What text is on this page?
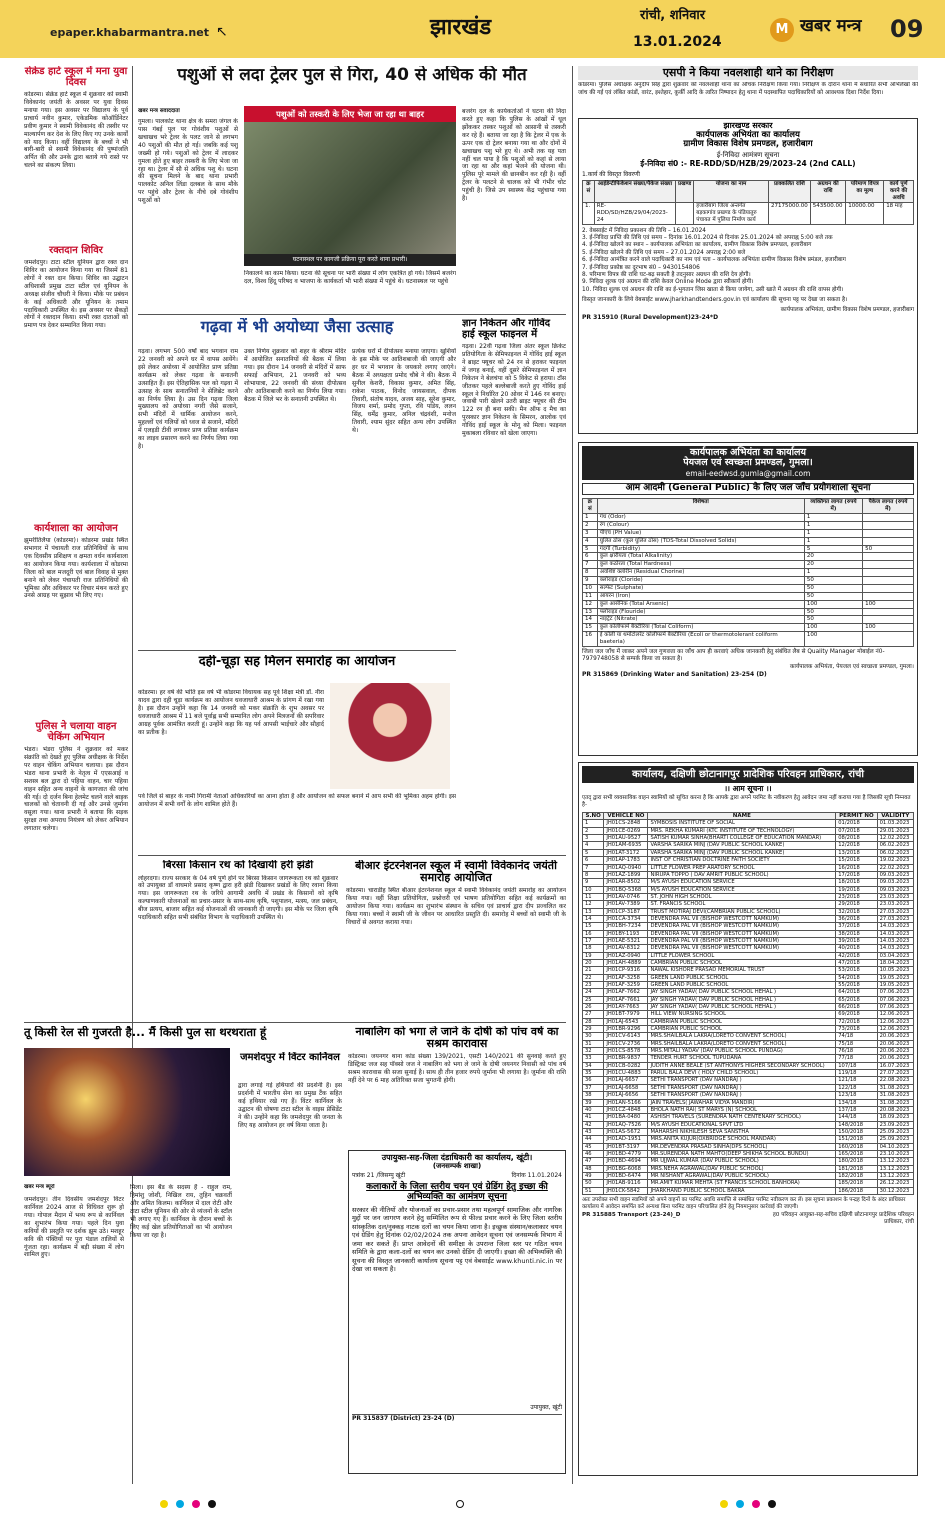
epaper.khabarmantra.net ↖	झारखंड	रांची, शनिवार
13.01.2024
M खबर मन्त्र 09
सेक्रेड हार्ट स्कूल में मना युवा दिवस
कोडरमा। सेक्रेड हार्ट स्कूल में शुक्रवार को स्वामी विवेकानंद जयंती के अवसर पर युवा दिवस मनाया गया। इस अवसर पर विद्यालय के पूर्व प्राचार्य नवीन कुमार, एकेडमिक कोऑर्डिनेटर प्रवीण कुमार ने स्वामी विवेकानंद की तस्वीर पर माल्यार्पण कर देश के लिए किए गए उनके कार्यों को याद किया। वहीं विद्यालय के बच्चों ने भी बारी-बारी से स्वामी विवेकानंद की पुष्पांजलि अर्पित की और उनके द्वारा बताये गये रास्ते पर चलने का संकल्प लिया।
रक्तदान शिविर
जमशेदपुर। टाटा स्टील यूनियन द्वारा रक्त दान शिविर का आयोजन किया गया था जिसमें 81 लोगों ने रक्त दान किया। शिविर का उद्घाटन अधिशासी प्रमुख टाटा स्टील एवं यूनियन के अध्यक्ष संजीव चौधरी ने किया। मौके पर प्रबंधन के कई अधिकारी और यूनियन के तमाम पदाधिकारी उपस्थित थे। इस अवसर पर सैकड़ों लोगों ने रक्तदान किया। सभी रक्त दाताओं को प्रमाण पत्र देकर सम्मानित किया गया।
कार्यशाला का आयोजन
झुमरीतिलैया (कोडरमा)। कोडरमा प्रखंड स्थित सभागार में पंचायती राज प्रतिनिधियों के साथ एक दिवसीय प्रशिक्षण व क्षमता वर्धन कार्यशाला का आयोजन किया गया। कार्यशाला में कोडरमा जिला को बाल मजदूरी एवं बाल विवाह से मुक्त बनाने को लेकर पंचायती राज प्रतिनिधियों की भूमिका और अधिकार पर विचार मंथन करते हुए उनसे आग्रह पर सुझाव भी लिए गए।
पुलिस ने चलाया वाहन चेकिंग अभियान
भंडरा। भंडरा पुलिस ने शुक्रवार को मकर संक्रांति को देखते हुए पुलिस अधीक्षक के निर्देश पर वाहन चेकिंग अभियान चलाया। इस दौरान भंडरा थाना प्रभारी के नेतृत्व में एएसआई व सशस्त्र बल द्वारा दो पहिया वाहन, चार पहिया वाहन सहित अन्य वाहनों के कागजात की जांच की गई। दो दर्जन बिना हेलमेट चलने वाले बाइक चालकों को चेतावनी दी गई और उनसे जुर्माना वसूला गया। थाना प्रभारी ने बताया कि सड़क सुरक्षा तथा अपराध नियंत्रण को लेकर अभियान लगातार चलेगा।
पशुओं से लदा ट्रेलर पुल से गिरा, 40 से अधिक की मौत
खबर मन्त्र संवाददाता
गुमला। पालकोट थाना क्षेत्र के समरा जंगल के पास गंबई पुल पर गोवंशीय पशुओं से खचाखच भरे ट्रेलर के पलट जाने से लगभग 40 पशुओं की मौत हो गई। जबकि कई पशु जख्मी हो गये। पशुओं को ट्रेलर में लादकर गुमला होते हुए बाहर तस्करी के लिए भेजा जा रहा था। ट्रेलर में सौ से अधिक पशु थे। घटना की सूचना मिलने के बाद थाना प्रभारी पालकोट अनिल लिंडा दलबल के साथ मौके पर पहुंचे और ट्रेलर के नीचे दबे गोवंशीय पशुओं को
पशुओं को तस्करी के लिए भेजा जा रहा था बाहर
घटनास्थल पर कागजी प्रक्रिया पूरा करते थाना प्रभारी।
निकालने का काम किया। घटना की सूचना पर भारी संख्या में लोग एकत्रित हो गये। जिसमें बजरंग दल, विश्व हिंदू परिषद व भाजपा के कार्यकर्ता भी भारी संख्या में पहुंचे थे। घटनास्थल पर पहुंचे
बजरंग दल के कार्यकर्ताओं ने घटना की निंदा करते हुए कहा कि पुलिस के आंखों में धूल झोंककर तस्कर पशुओं को आसानी से तस्करी कर रहे हैं। बताया जा रहा है कि ट्रेलर में एक के ऊपर एक दो ट्रेलर बनाया गया था और दोनों में खचाखच पशु भरे हुए थे। अभी तक यह पता नहीं चल पाया है कि पशुओं को कहां से लाया जा रहा था और कहां भेजने की योजना थी। पुलिस पूरे मामले की छानबीन कर रही है। वहीं ट्रेलर के पलटने से चालक को भी गंभीर चोट पहुंची है। जिसे उप स्वास्थ्य केंद्र पहुंचाया गया है।
गढ़वा में भी अयोध्या जैसा उत्साह
गढ़वा। लगभग 500 वर्षों बाद भगवान राम 22 जनवरी को अपने घर में वापस आयेंगे। इसे लेकर अयोध्या में आयोजित प्राण प्रतिष्ठा कार्यक्रम को लेकर गढ़वा के सनातनी उत्साहित हैं। इस ऐतिहासिक पल को गढ़वा में उत्साह के साथ सनातनियों ने सेलिब्रेट करने का निर्णय लिया है। उस दिन गढ़वा जिला मुख्यालय को अयोध्या नगरी जैसे सजाने, सभी मंदिरों में धार्मिक आयोजन करने, मुहल्लों एवं गलियों को ध्वज से सजाने, मंदिरों में एलइडी टीवी लगाकर प्राण प्रतिष्ठा कार्यक्रम का लाइव प्रसारण करने का निर्णय लिया गया है।
उक्त निर्णय शुक्रवार को शहर के श्रीराम मंदिर में आयोजित सनातनियों की बैठक में लिया गया। इस दौरान 14 जनवरी से मंदिरों में साफ सफाई अभियान, 21 जनवरी को भव्य शोभायात्रा, 22 जनवरी की संध्या दीपोत्सव और आतिशबाजी करने का निर्णय लिया गया। बैठक में जिले भर के सनातनी उपस्थित थे।
प्रत्येक घरों में दीपोत्सव मनाया जाएगा। खुशियों के इस मौके पर आतिशबाजी की जाएगी और हर घर में भगवान के जयकारे लगाए जाएंगे। बैठक में अध्यक्षता प्रमोद चौबे ने की। बैठक में सुनील केशरी, विकास कुमार, अमित सिंह, राकेश पाठक, विनोद जायसवाल, दीपक तिवारी, संतोष यादव, अजय साह, सुरेश कुमार, विजय शर्मा, प्रमोद गुप्ता, रवि पांडेय, ललन सिंह, धर्मेंद्र कुमार, अनिल चंद्रवंशी, मनोज तिवारी, श्याम सुंदर सहित अन्य लोग उपस्थित थे।
ज्ञान निकेतन और गोविंद हाई स्कूल फाइनल में
गढ़वा। 22वीं गढ़वा जिला अंतर स्कूल क्रिकेट प्रतियोगिता के सेमिफाइनल में गोविंद हाई स्कूल ने ब्राइट फ्यूचर को 24 रन से हराकर फाइनल में जगह बनाई, वहीं दूसरे सेमिफाइनल में ज्ञान निकेतन ने बेलचंपा को 5 विकेट से हराया। टॉस जीतकर पहले बल्लेबाजी करते हुए गोविंद हाई स्कूल ने निर्धारित 20 ओवर में 146 रन बनाए। जवाबी पारी खेलने उतरी ब्राइट फ्यूचर की टीम 122 रन ही बना सकी। मैन ऑफ द मैच का पुरस्कार ज्ञान निकेतन के सिमरन, आलोक एवं गोविंद हाई स्कूल के मोनू को मिला। फाइनल मुकाबला रविवार को खेला जाएगा।
दही-चूड़ा सह मिलन समारोह का आयोजन
कोडरमा। हर वर्ष की भांति इस वर्ष भी कोडरमा विधायक सह पूर्व शिक्षा मंत्री डॉ. नीरा यादव द्वारा दही चूड़ा कार्यक्रम का आयोजन धवजाधारी आश्रम के प्रांगण में रखा गया है। इस दौरान उन्होंने कहा कि 14 जनवरी को मकर संक्रांति के शुभ अवसर पर धवजाधारी आश्रम में 11 बजे पूर्वाह्न सभी सम्मानित लोग अपने मित्रजनों की सपरिवार आग्रह पूर्वक आमंत्रित करती हूं। उन्होंने कहा कि यह पर्व आपसी भाईचारे और सौहार्द का प्रतीक है।
पर्व जिले से बाहर के नामी गिरामी नेताओं अधिकारियों का आना होता है और आयोजन को सफल बनाने में आप सभी की भूमिका अहम होगी। इस आयोजन में सभी वर्गों के लोग शामिल होते हैं।
बिरसा किसान रथ को दिखायी हरी झंडी
लोहरदगा। राज्य सरकार के 04 वर्ष पूर्ण होने पर बिरसा किसान जागरूकता रथ को शुक्रवार को उपायुक्त डॉ वाघमारे प्रसाद कृष्ण द्वारा हरी झंडी दिखाकर प्रखंडों के लिए रवाना किया गया। इस जागरूकता रथ के जरिये आगामी अवधि में प्रखंड के किसानों को कृषि कल्याणकारी योजनाओं का प्रचार-प्रसार के साथ-साथ कृषि, पशुपालन, मत्स्य, जल प्रबंधन, बीज प्रत्यय, बाजार सहित कई योजनाओं की जानकारी दी जाएगी। इस मौके पर जिला कृषि पदाधिकारी सहित सभी संबंधित विभाग के पदाधिकारी उपस्थित थे।
बीआर इंटरनेशनल स्कूल में स्वामी विवेकानंद जयंती समारोह आयोजित
कोडरमा। चाराडीह स्थित बीआर इंटरनेशनल स्कूल में स्वामी विवेकानंद जयंती समारोह का आयोजन किया गया। वहीं शिक्षा प्रतियोगिता, प्रश्नोत्तरी एवं भाषण प्रतियोगिता सहित कई कार्यक्रमों का आयोजन किया गया। कार्यक्रम का शुभारंभ संस्थान के सचिव एवं प्राचार्य द्वारा दीप प्रज्वलित कर किया गया। बच्चों ने स्वामी जी के जीवन पर आधारित प्रस्तुति दी। समारोह में बच्चों को स्वामी जी के विचारों से अवगत कराया गया।
तू किसी रेल सी गुजरती है... मैं किसी पुल सा थरथराता हूं
जमशेदपुर में विंटर कार्निवल
द्वारा लगाई गई हथियारों की प्रदर्शनी है। इस प्रदर्शनी में भारतीय सेना का प्रमुख टैंक सहित कई हथियार रखे गए हैं। विंटर कार्निवल के उद्घाटन की घोषणा टाटा स्टील के वाइस प्रेसिडेंट ने की। उन्होंने कहा कि जमशेदपुर की जनता के लिए यह आयोजन हर वर्ष किया जाता है।
खबर मन्त्र ब्यूरो
जमशेदपुर। तीन दिवसीय जमशेदपुर विंटर कार्निवल 2024 आज से विधिवत शुरू हो गया। गोपाल मैदान में भव्य रूप से कार्निवल का शुभारंभ किया गया। पहले दिन युवा कवियों की प्रस्तुति पर दर्शक झूम उठे। मशहूर कवि की पंक्तियों पर पूरा पंडाल तालियों से गूंजता रहा। कार्यक्रम में बड़ी संख्या में लोग शामिल हुए।
मिला। इस बैंड के सदस्य हैं - राहुल राम, हिमांशु जोशी, निखिल राय, तुहिन चक्रवर्ती और अमित किलम। कार्निवल में दाल रोटी और टाटा स्टील यूनियन की ओर से व्यंजनों के स्टॉल भी लगाए गए हैं। कार्निवल के दौरान बच्चों के लिए कई खेल प्रतियोगिताओं का भी आयोजन किया जा रहा है।
नाबालिग को भगा ले जाने के दोषी को पांच वर्ष का सश्रम कारावास
कोडरमा। जयनगर थाना कांड संख्या 139/2021, एसटी 140/2021 की सुनवाई करते हुए डिस्ट्रिक्ट जज सह पॉक्सो जज ने नाबालिग को भगा ले जाने के दोषी जयनगर निवासी को पांच वर्ष सश्रम कारावास की सजा सुनाई है। साथ ही तीन हजार रुपये जुर्माना भी लगाया है। जुर्माना की राशि नहीं देने पर 6 माह अतिरिक्त सजा भुगतनी होगी।
उपायुक्त-सह-जिला दंडाधिकारी का कार्यालय, खूंटी।
(जनसम्पर्क शाखा)
पत्रांक 21 /जिसम्पु खूंटी	दिनांक 11.01.2024
कलाकारों के जिला स्तरीय चयन एवं ग्रेडिंग हेतु इच्छा की अभिव्यक्ति का आमंत्रण सूचना
सरकार की नीतियों और योजनाओं का प्रचार-प्रसार तथा महत्वपूर्ण सामाजिक और नागरिक मुद्दों पर जन जागरण करने हेतु सम्मिलित रूप से फील्ड प्रचार करने के लिए जिला स्तरीय सांस्कृतिक दल/नुक्कड़ नाटक दलों का चयन किया जाना है। इच्छुक संस्थान/कलाकार चयन एवं ग्रेडिंग हेतु दिनांक 02/02/2024 तक अपना आवेदन सूचना एवं जनसम्पर्क विभाग में जमा कर सकते हैं। प्राप्त आवेदनों की समीक्षा के उपरान्त जिला स्तर पर गठित चयन समिति के द्वारा कला-दलों का चयन कर उनको ग्रेडिंग दी जाएगी। इच्छा की अभिव्यक्ति की सूचना की विस्तृत जानकारी कार्यालय सूचना पट्ट एवं वेबसाईट www.khunti.nic.in पर देखा जा सकता है।
उपायुक्त, खूंटी
PR 315837 (District) 23-24 (D)
एसपी ने किया नवलशाही थाने का निरीक्षण
कोडरमा। पुलिस अधीक्षक अनुदीप सिंह द्वारा शुक्रवार को नवलशाही थाना का औचक निरीक्षण किया गया। निरीक्षण के दौरान थाना में संधारित सभी अभिलेखों की जांच की गई एवं लंबित कांडों, वारंट, इश्तेहार, कुर्की आदि के त्वरित निष्पादन हेतु थाना में पदस्थापित पदाधिकारियों को आवश्यक दिशा निर्देश दिया।
झारखण्ड सरकार
कार्यपालक अभियंता का कार्यालय
ग्रामीण विकास विशेष प्रमण्डल, हजारीबाग
ई-निविदा आमंत्रण सूचना
ई-निविदा सं0 :- RE-RDD/SD/HZB/29/2023-24 (2nd CALL)
1.कार्य की विस्तृत विवरणी
क्र सं	आईडेन्टीफिकेशन संख्या/पैकेज संख्या	प्रखण्ड	योजना का नाम	प्राक्कलित राशि	अग्रधन की राशि	परिमाण विपत्र का मूल्य	कार्य पूर्ण करने की अवधि
1.	RE-RDD/SD/HZB/29/04/2023-24		हजारीबाग जिला अन्तर्गत बड़कागांव प्रखण्ड के पंडियातुरु पंचायत में पुलिया निर्माण कार्य	27175000.00	543500.00	10000.00	18 माह
2. वेबसाईट में निविदा प्रकाशन की तिथि – 16.01.2024
3. ई-निविदा प्राप्ति की तिथि एवं समय – दिनांक 16.01.2024 से दिनांक 25.01.2024 को अपराह्न 5:00 बजे तक
4. ई-निविदा खोलने का स्थान – कार्यपालक अभियंता का कार्यालय, ग्रामीण विकास विशेष प्रमण्डल, हजारीबाग
5. ई-निविदा खोलने की तिथि एवं समय – 27.01.2024 अपराह्न 2:00 बजे
6. ई-निविदा आमंत्रित करने वाले पदाधिकारी का नाम एवं पता – कार्यपालक अभियंता ग्रामीण विकास विशेष प्रमंडल, हजारीबाग
7. ई-निविदा प्रकोष्ठ का दूरभाष सं0 – 9430154806
8. परिमाण विपत्र की राशि घट-बढ़ सकती है तदनुसार अग्रधन की राशि देय होगी।
9. निविदा शुल्क एवं अग्रधन की राशि केवल Online Mode द्वारा स्वीकार्य होगी।
10. निविदा शुल्क एवं अग्रधन की राशि का ई-भुगतान जिस खाता से किया जायेगा, उसी खाते में अग्रधन की राशि वापस होगी।
विस्तृत जानकारी के लिये वेबसाईट www.jharkhandtenders.gov.in एवं कार्यालय की सूचना पट्ट पर देखा जा सकता है।
कार्यपालक अभियंता, ग्रामीण विकास विशेष प्रमण्डल, हजारीबाग
PR 315910 (Rural Development)23-24*D
कार्यपालक अभियंता का कार्यालय
पेयजल एवं स्वच्छता प्रमण्डल, गुमला।
email-eedwsd.gumla@gmail.com
आम आदमी (General Public) के लिए जल जाँच प्रयोगशाला सूचना
क्र सं	विशेषता	व्यक्तिगत लागत (रुपये में)	पैकेज लागत (रुपये में)
1	गंध (Odor)	1	
2	रंग (Colour)	1	
3	पीएच (PH Value)	1	
4	घुलित ठोस (कुल घुलित ठोस) (TDS-Total Dissolved Solids)	1	
5	गंदगी (Turbidity)	5	50
6	कुल क्षारीयता (Total Alkalinity)	20	
7	कुल कठोरता (Total Hardness)	20	
8	अवशिष्ट क्लोरीन (Residual Chorine)	1	
9	क्लोराइड (Cloride)	50	
10	सल्फेट (Sulphate)	50	
11	आयरन (Iron)	50	
12	कुल आर्सेनिक (Total Arsenic)	100	100
13	फ्लोराइड (Flouride)	50	
14	नाइट्रेट (Nitrate)	50	
15	कुल कोलीफार्म बैक्टीरिया (Total Coliform)	100	100
16	ई कोली या थर्मोटोलरेंट कोलीफार्म बैक्टीरिया (Ecoli or thermotolerant coliform baeteria)	100	
जिला जल जाँच में जाकर अपने जल गुणवत्ता का जाँच आप ही करवाएं अधिक जानकारी हेतु संबंधित लैब से Quality Manager मोबाईल नं0-7979748058 से सम्पर्क किया जा सकता है।
कार्यपालक अभियंता, पेयजल एवं स्वच्छता प्रमण्डल, गुमला।
PR 315869 (Drinking Water and Sanitation) 23-254 (D)
कार्यालय, दक्षिणी छोटानागपुर प्रादेशिक परिवहन प्राधिकार, रांची
।। आम सूचना ।।
एतद् द्वारा सभी व्यवसायिक वाहन स्वामियों को सूचित करना है कि आपके द्वारा अपने परमिट के नवीकरण हेतु आवेदन जमा नहीं कराया गया है जिसकी सूची निम्नवत है-
S.NO	VEHICLE NO	NAME	PERMIT NO	VALIDITY
1	JH01CS-2848	SYMBOSIS INSTITUTE OF SOCIAL	01/2018	01.03.2023
2	JH01CE-0269	MRS. REKHA KUMARI (KTC INSTITUTE OF TECHNOLOGY)	07/2018	29.01.2023
3	JH01AU-9527	SATISH KUMAR SINHA(BHARTI COLLEGE OF EDUCATION MANDAR)	08/2018	12.02.2023
4	JH01AM-6935	VARSHA SARIKA MINJ (DAV PUBLIC SCHOOL KANKE)	12/2018	06.02.2023
5	JH01AT-3172	VARSHA SARIKA MINJ (DAV PUBLIC SCHOOL KANKE)	13/2018	06.02.2023
6	JH01AP-1783	INST OF CHRISTIAN DOCTRINE FAITH SOCIETY	15/2018	19.02.2023
7	JH01AQ-0940	LITTLE FLOWER PREP ARATORY SCHOOL	16/2018	22.02.2023
8	JH01AZ-1899	NIRUPA TOPPO ( DAV AMRIT PUBLIC SCHOOL)	17/2018	09.03.2023
9	JH01AR-8502	M/S AYUSH EDUCATION SERVICE	18/2018	09.03.2023
10	JH01BQ-5368	M/S AYUSH EDUCATION SERVICE	19/2018	09.03.2023
11	JH01AV-0746	ST. JOHN HIGH SCHOOL	23/2018	23.03.2023
12	JH01AV-7389	ST. FRANCIS SCHOOL	29/2018	23.03.2023
13	JH01CP-3187	TRUST MOTIRAJ DEVI(CAMBRIAN PUBLIC SCHOOL)	32/2018	27.03.2023
14	JH01CA-3734	DEVENDRA PAL VII (BISHOP WESTCOTT NAMKUM)	36/2018	27.03.2023
15	JH01BH-7234	DEVENDRA PAL VII (BISHOP WESTCOTT NAMKUM)	37/2018	14.03.2023
16	JH01BY-1193	DEVENDRA PAL VII (BISHOP WESTCOTT NAMKUM)	38/2018	14.03.2023
17	JH01AE-5321	DEVENDRA PAL VII (BISHOP WESTCOTT NAMKUM)	39/2018	14.03.2023
18	JH01AV-8312	DEVENDRA PAL VII (BISHOP WESTCOTT NAMKUM)	40/2018	14.03.2023
19	JH01AZ-0940	LITTLE FLOWER SCHOOL	42/2018	03.04.2023
20	JH01AH-4889	CAMBRIAN PUBLIC SCHOOL	47/2018	18.04.2023
21	JH01CP-9316	NAWAL KISHORE PRASAD MEMORIAL TRUST	53/2018	10.05.2023
22	JH01AF-3258	GREEN LAND PUBLIC SCHOOL	54/2018	19.05.2023
23	JH01AF-3259	GREEN LAND PUBLIC SCHOOL	55/2018	19.05.2023
24	JH01AF-7662	JAY SINGH YADAV( DAV PUBLIC SCHOOL HEHAL )	64/2018	07.06.2023
25	JH01AF-7661	JAY SINGH YADAV( DAV PUBLIC SCHOOL HEHAL )	65/2018	07.06.2023
26	JH01AY-7663	JAY SINGH YADAV( DAV PUBLIC SCHOOL HEHAL )	66/2018	07.06.2023
27	JH01BT-7979	HILL VIEW NURSING SCHOOL	69/2018	12.06.2023
28	JH01AJ-6543	CAMBRIAN PUBLIC SCHOOL	72/2018	12.06.2023
29	JH01BR-9296	CAMBRIAN PUBLIC SCHOOL	73/2018	12.06.2023
30	JH01CV-6143	MRS.SHAILBALA LAKRA(LORETO CONVENT SCHOOL)	74/18	20.06.2023
31	JH01CV-2736	MRS.SHAILBALA LAKRA(LORETO CONVENT SCHOOL)	75/18	20.06.2023
32	JH01CS-8578	MRS.MITALI YADAV (DAV PUBLIC SCHOOL PUNDAG)	76/18	20.06.2023
33	JH01BR-9837	TENDER HURT SCHOOL TUPUDANA	77/18	20.06.2023
34	JH01CB-0282	JUDITH ANNE BEALE (ST ANTHONYS HIGHER SECONDARY SCHOOL)	107/18	16.07.2023
35	JH01CU-4883	PARUL BALA DEVI ( HOLY CHILD SCHOOL)	119/18	27.07.2023
36	JH01AJ-6657	SETHI TRANSPORT (DAV NANDRAJ )	121/18	22.08.2023
37	JH01AJ-6658	SETHI TRANSPORT (DAV NANDRAJ )	122/18	31.08.2023
38	JH01AJ-6656	SETHI TRANSPORT (DAV NANDRAJ )	123/18	31.08.2023
39	JH01AN-5166	JAIN TRAVELS( JAWAHAR VIDYA MANDIR)	134/18	31.08.2023
40	JH01CZ-4848	BHOLA NATH RAI( ST MARYS (N) SCHOOL	137/18	20.08.2023
41	JH01BA-0480	ASHISH TRAVELS (SURENDRA NATH CENTENARY SCHOOL)	144/18	18.09.2023
42	JH01AQ-7526	M/S AYUSH EDUCATIONAL SPVT LTD	148/2018	23.09.2023
43	JH01AS-5672	MAHARSHI NIKHILESH SEVA SANSTHA	150/2018	25.09.2023
44	JH01AD-1951	MRS.ANITA KUJUR(OXBRIDGE SCHOOL MANDAR)	151/2018	25.09.2023
45	JH01BT-3197	MR.DEVENDRA PRASAD SINHA(DPS SCHOOL)	160/2018	04.10.2023
46	JH01BD-4779	MR.SURENDRA NATH MAHTO(DEEP SHIKHA SCHOOL BUNDU)	165/2018	23.10.2023
47	JH01BD-4694	MR UJJWAL KUMAR (DAV PUBLIC SCHOOL)	180/2018	13.12.2023
48	JH01BG-6068	MRS.NEHA AGRAWAL(DAV PUBLIC SCHOOL)	181/2018	13.12.2023
49	JH01BD-6474	MR NISHANT AGRAWAL(DAV PUBLIC SCHOOL)	182/2018	13.12.2023
50	JH01AB-9116	MR.AMIT KUMAR MEHTA (ST FRANCIS SCHOOL BANHORA)	185/2018	26.12.2023
51	JH01CK-5842	JHARKHAND PUBLIC SCHOOL BAKRA	186/2018	30.12.2023
अतः उपरोक्त सभी वाहन स्वामियों को अपने वाहनों का परमिट अवधि समाप्ति से सम्बंधित परमिट नवीकरण कर लें। इस सूचना प्रकाशन के पन्द्रह दिनों के अंदर प्राधिकार कार्यालय में आवेदन समर्पित करें अन्यथा बिना परमिट वाहन परिचालित होने हेतु नियमानुसार कार्रवाई की जाएगी।
PR 315885 Transport (23-24)_D	ह0 परिवहन आयुक्त-सह-सचिव दक्षिणी छोटानागपुर प्रादेशिक परिवहन प्राधिकार, रांची
